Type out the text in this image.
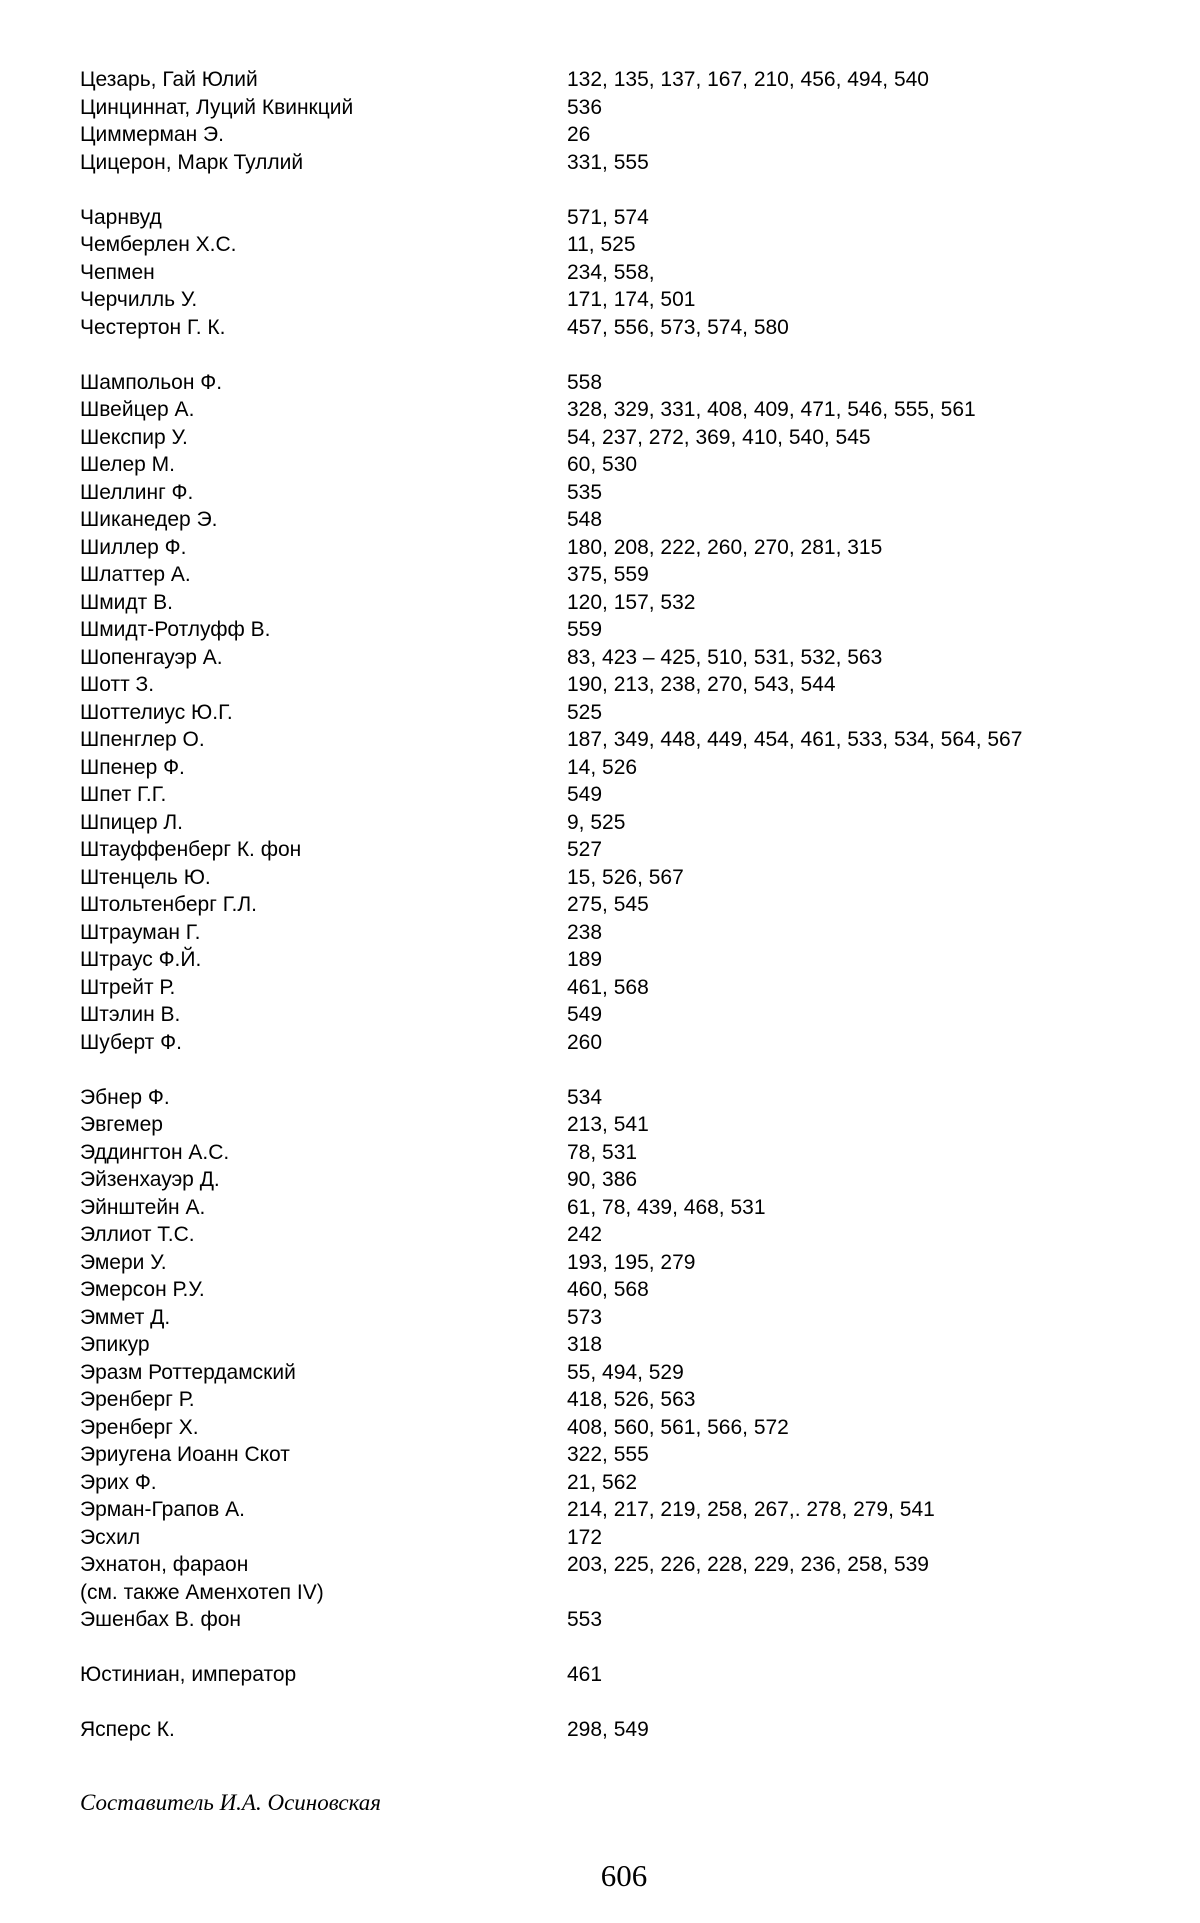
Цезарь, Гай Юлий	132, 135, 137, 167, 210, 456, 494, 540
Цинциннат, Луций Квинкций	536
Циммерман Э.	26
Цицерон, Марк Туллий	331, 555
Чарнвуд	571, 574
Чемберлен Х.С.	11, 525
Чепмен	234, 558,
Черчилль У.	171, 174, 501
Честертон Г. К.	457, 556, 573, 574, 580
Шампольон Ф.	558
Швейцер А.	328, 329, 331, 408, 409, 471, 546, 555, 561
Шекспир У.	54, 237, 272, 369, 410, 540, 545
Шелер М.	60, 530
Шеллинг Ф.	535
Шиканедер Э.	548
Шиллер Ф.	180, 208, 222, 260, 270, 281, 315
Шлаттер А.	375, 559
Шмидт В.	120, 157, 532
Шмидт-Ротлуфф В.	559
Шопенгауэр А.	83, 423 – 425, 510, 531, 532, 563
Шотт З.	190, 213, 238, 270, 543, 544
Шоттелиус Ю.Г.	525
Шпенглер О.	187, 349, 448, 449, 454, 461, 533, 534, 564, 567
Шпенер Ф.	14, 526
Шпет Г.Г.	549
Шпицер Л.	9, 525
Штауффенберг К. фон	527
Штенцель Ю.	15, 526, 567
Штольтенберг Г.Л.	275, 545
Штрауман Г.	238
Штраус Ф.Й.	189
Штрейт Р.	461, 568
Штэлин В.	549
Шуберт Ф.	260
Эбнер Ф.	534
Эвгемер	213, 541
Эддингтон А.С.	78, 531
Эйзенхауэр Д.	90, 386
Эйнштейн А.	61, 78, 439, 468, 531
Эллиот Т.С.	242
Эмери У.	193, 195, 279
Эмерсон Р.У.	460, 568
Эммет Д.	573
Эпикур	318
Эразм Роттердамский	55, 494, 529
Эренберг Р.	418, 526, 563
Эренберг Х.	408, 560, 561, 566, 572
Эриугена Иоанн Скот	322, 555
Эрих Ф.	21, 562
Эрман-Грапов А.	214, 217, 219, 258, 267,. 278, 279, 541
Эсхил	172
Эхнатон, фараон	203, 225, 226, 228, 229, 236, 258, 539
(см. также Аменхотеп IV)
Эшенбах В. фон	553
Юстиниан, император	461
Ясперс К.	298, 549
Составитель И.А. Осиновская
606
